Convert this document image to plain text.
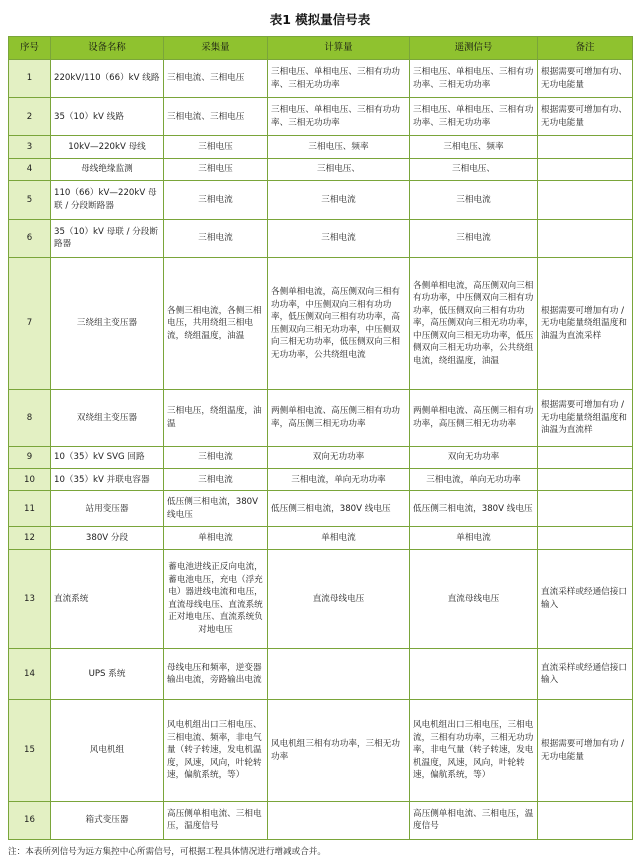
表1 模拟量信号表
序号	设备名称	采集量	计算量	遥测信号	备注
1	220kV/110（66）kV 线路	三相电流、三相电压	三相电压、单相电压、三相有功功率、三相无功功率	三相电压、单相电压、三相有功功率、三相无功功率	根据需要可增加有功、无功电能量
2	35（10）kV 线路	三相电流、三相电压	三相电压、单相电压、三相有功功率、三相无功功率	三相电压、单相电压、三相有功功率、三相无功功率	根据需要可增加有功、无功电能量
3	10kV—220kV 母线	三相电压	三相电压、频率	三相电压、频率	
4	母线绝缘监测	三相电压	三相电压、	三相电压、	
5	110（66）kV—220kV 母联 / 分段断路器	三相电流	三相电流	三相电流	
6	35（10）kV 母联 / 分段断路器	三相电流	三相电流	三相电流	
7	三绕组主变压器	各侧三相电流，各侧三相电压，共用绕组三相电流，绕组温度，油温	各侧单相电流，高压侧双向三相有功功率，中压侧双向三相有功功率，低压侧双向三相有功功率，高压侧双向三相无功功率，中压侧双向三相无功功率，低压侧双向三相无功功率，公共绕组电流	各侧单相电流，高压侧双向三相有功功率，中压侧双向三相有功功率，低压侧双向三相有功功率，高压侧双向三相无功功率，中压侧双向三相无功功率，低压侧双向三相无功功率，公共绕组电流，绕组温度，油温	根据需要可增加有功 / 无功电能量绕组温度和油温为直流采样
8	双绕组主变压器	三相电压，绕组温度，油温	两侧单相电流、高压侧三相有功功率，高压侧三相无功功率	两侧单相电流、高压侧三相有功功率，高压侧三相无功功率	根据需要可增加有功 / 无功电能量绕组温度和油温为直流样
9	10（35）kV SVG 回路	三相电流	双向无功功率	双向无功功率	
10	10（35）kV 并联电容器	三相电流	三相电流，单向无功功率	三相电流，单向无功功率	
11	站用变压器	低压侧三相电流，380V 线电压	低压侧三相电流，380V 线电压	低压侧三相电流，380V 线电压	
12	380V 分段	单相电流	单相电流	单相电流	
13	直流系统	蓄电池进线正反向电流，蓄电池电压，充电（浮充电）器进线电流和电压，直流母线电压、直流系统正对地电压、直流系统负对地电压	直流母线电压	直流母线电压	直流采样或经通信接口输入
14	UPS 系统	母线电压和频率，逆变器输出电流，旁路输出电流			直流采样或经通信接口输入
15	风电机组	风电机组出口三相电压、三相电流、频率，非电气量（转子转速，发电机温度，风速，风向，叶轮转速，偏航系统，等）	风电机组三相有功功率，三相无功功率	风电机组出口三相电压，三相电流，三相有功功率，三相无功功率，非电气量（转子转速，发电机温度，风速，风向，叶轮转速，偏航系统，等）	根据需要可增加有功 / 无功电能量
16	箱式变压器	高压侧单相电流、三相电压，温度信号		高压侧单相电流、三相电压，温度信号	
注：本表所列信号为远方集控中心所需信号，可根据工程具体情况进行增减或合并。
